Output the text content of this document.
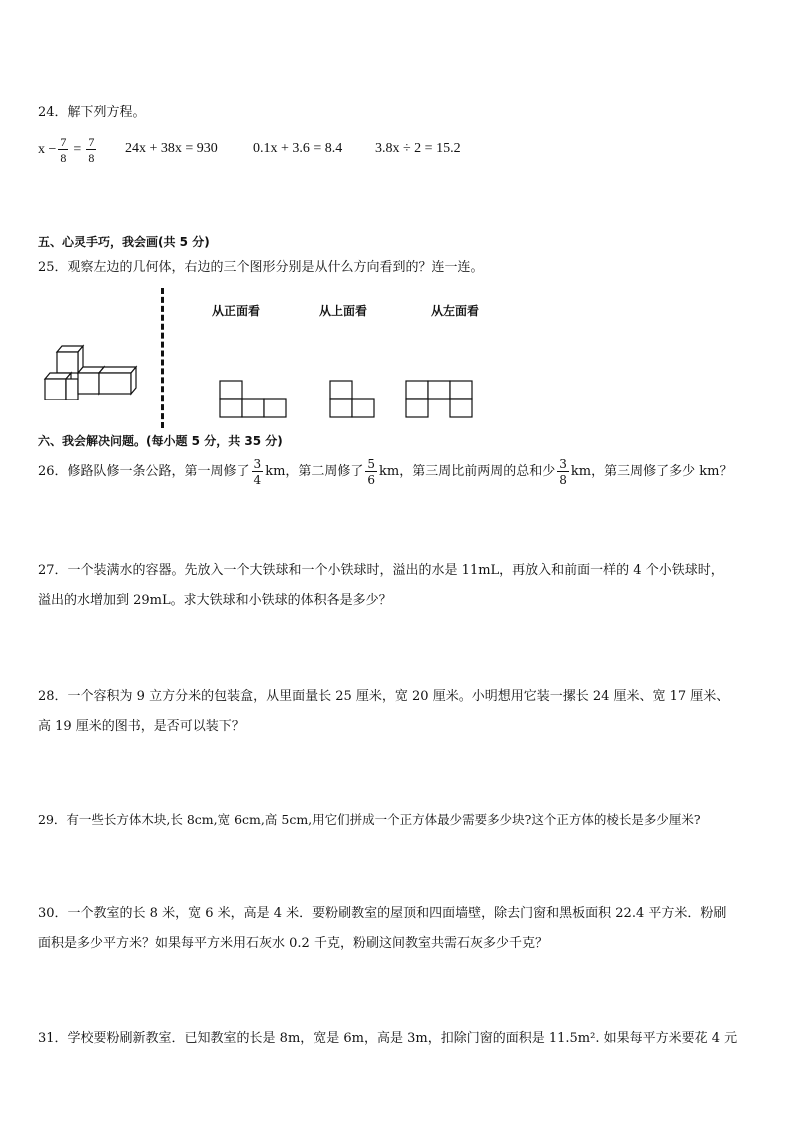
24．解下列方程。
$x - \frac{7}{8} = \frac{7}{8} 24x + 38x = 930$	0.1x + 3.6 = 8.4 3.8x ÷ 2 = 15.2
五、心灵手巧，我会画(共 5 分)
25．观察左边的几何体，右边的三个图形分别是从什么方向看到的？连一连。
从正面看	从上面看	从左面看
六、我会解决问题。(每小题 5 分，共 35 分)
26．修路队修一条公路，第一周修了 $\frac{3}{4}$ km，第二周修了 $\frac{5}{6}$ km，第三周比前两周的总和少 $\frac{3}{8}$ km，第三周修了多少 km？
27．一个装满水的容器。先放入一个大铁球和一个小铁球时，溢出的水是 11mL，再放入和前面一样的 4 个小铁球时，
溢出的水增加到 29mL。求大铁球和小铁球的体积各是多少？
28．一个容积为 9 立方分米的包装盒，从里面量长 25 厘米，宽 20 厘米。小明想用它装一摞长 24 厘米、宽 17 厘米、
高 19 厘米的图书，是否可以装下？
29．有一些长方体木块,长 8cm,宽 6cm,高 5cm,用它们拼成一个正方体最少需要多少块?这个正方体的棱长是多少厘米?
30．一个教室的长 8 米，宽 6 米，高是 4 米．要粉刷教室的屋顶和四面墙壁，除去门窗和黑板面积 22.4 平方米．粉刷
面积是多少平方米？如果每平方米用石灰水 0.2 千克，粉刷这间教室共需石灰多少千克？
31．学校要粉刷新教室．已知教室的长是 8m，宽是 6m，高是 3m，扣除门窗的面积是 11.5m². 如果每平方米要花 4 元
